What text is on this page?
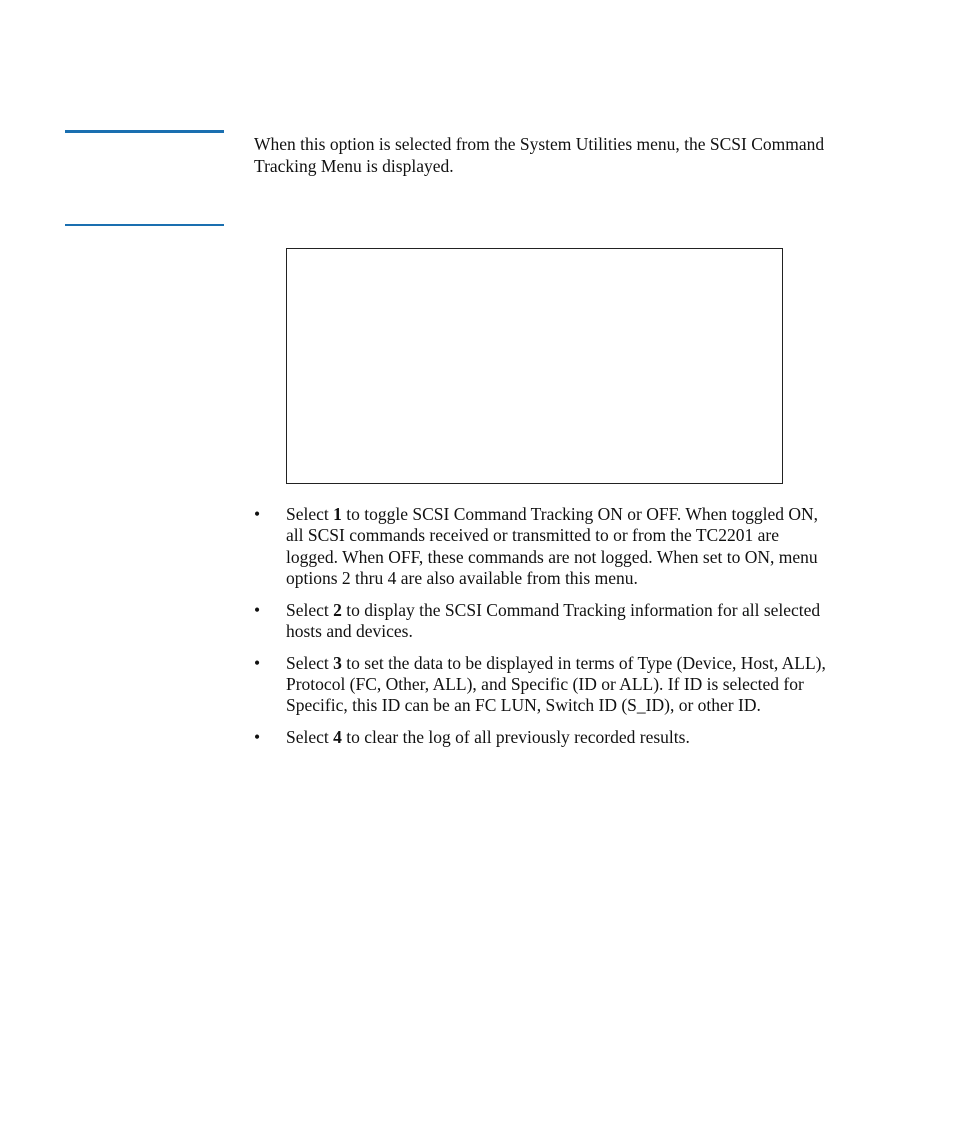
When this option is selected from the System Utilities menu, the SCSI Command Tracking Menu is displayed.

•	Select 1 to toggle SCSI Command Tracking ON or OFF. When toggled ON, all SCSI commands received or transmitted to or from the TC2201 are logged. When OFF, these commands are not logged. When set to ON, menu options 2 thru 4 are also available from this menu.
•	Select 2 to display the SCSI Command Tracking information for all selected hosts and devices.
•	Select 3 to set the data to be displayed in terms of Type (Device, Host, ALL), Protocol (FC, Other, ALL), and Specific (ID or ALL). If ID is selected for Specific, this ID can be an FC LUN, Switch ID (S_ID), or other ID.
•	Select 4 to clear the log of all previously recorded results.
